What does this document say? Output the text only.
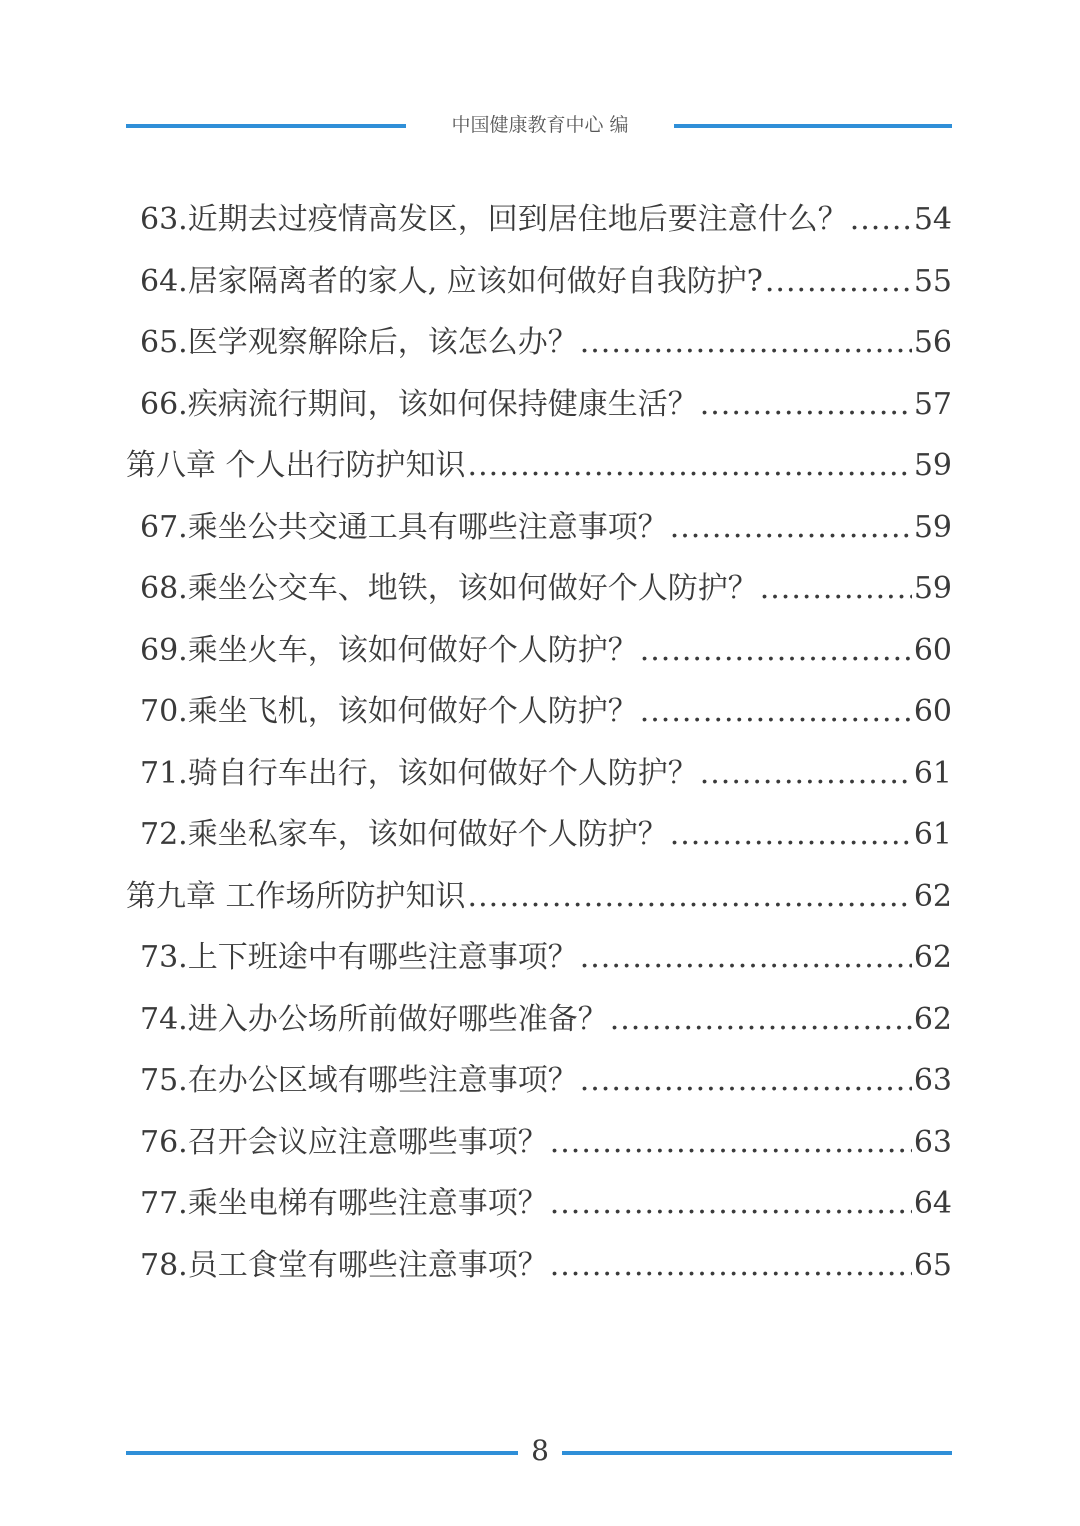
中国健康教育中心 编
63.近期去过疫情高发区，回到居住地后要注意什么？ ..... 54
64.居家隔离者的家人, 应该如何做好自我防护? .....	55
65.医学观察解除后，该怎么办？ .....	56
66.疾病流行期间，该如何保持健康生活？ .....	57
第八章 个人出行防护知识 .....	59
67.乘坐公共交通工具有哪些注意事项？ .....	59
68.乘坐公交车、地铁，该如何做好个人防护？ .....	59
69.乘坐火车，该如何做好个人防护？ .....	60
70.乘坐飞机，该如何做好个人防护？ .....	60
71.骑自行车出行，该如何做好个人防护？ .....	61
72.乘坐私家车，该如何做好个人防护？ .....	61
第九章 工作场所防护知识 .....	62
73.上下班途中有哪些注意事项？ .....	62
74.进入办公场所前做好哪些准备？ .....	62
75.在办公区域有哪些注意事项？ .....	63
76.召开会议应注意哪些事项？ .....	63
77.乘坐电梯有哪些注意事项？ .....	64
78.员工食堂有哪些注意事项？ .....	65
8
